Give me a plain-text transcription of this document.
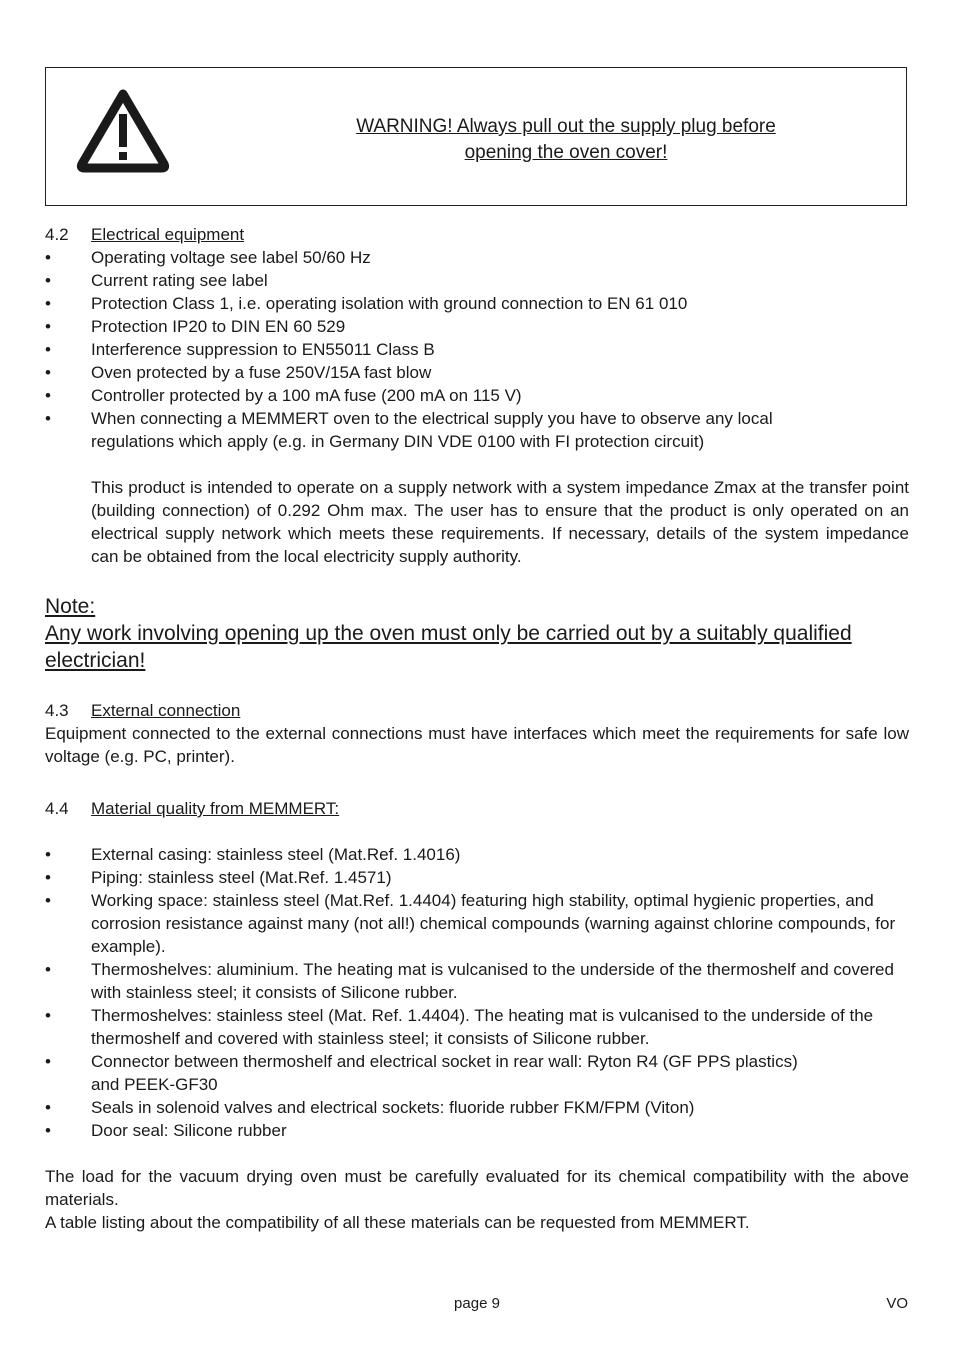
WARNING! Always pull out the supply plug before
opening the oven cover!
4.2 Electrical equipment
• Operating voltage see label 50/60 Hz
• Current rating see label
• Protection Class 1, i.e. operating isolation with ground connection to EN 61 010
• Protection IP20 to DIN EN 60 529
• Interference suppression to EN55011 Class B
• Oven protected by a fuse 250V/15A fast blow
• Controller protected by a 100 mA fuse (200 mA on 115 V)
• When connecting a MEMMERT oven to the electrical supply you have to observe any local regulations which apply (e.g. in Germany DIN VDE 0100 with FI protection circuit)
This product is intended to operate on a supply network with a system impedance Zmax at the transfer point (building connection) of 0.292 Ohm max. The user has to ensure that the product is only operated on an electrical supply network which meets these requirements. If necessary, details of the system impedance can be obtained from the local electricity supply authority.
Note:
Any work involving opening up the oven must only be carried out by a suitably qualified electrician!
4.3 External connection
Equipment connected to the external connections must have interfaces which meet the requirements for safe low voltage (e.g. PC, printer).
4.4 Material quality from MEMMERT:
• External casing: stainless steel (Mat.Ref. 1.4016)
• Piping: stainless steel (Mat.Ref. 1.4571)
• Working space: stainless steel (Mat.Ref. 1.4404) featuring high stability, optimal hygienic properties, and corrosion resistance against many (not all!) chemical compounds (warning against chlorine compounds, for example).
• Thermoshelves: aluminium. The heating mat is vulcanised to the underside of the thermoshelf and covered with stainless steel; it consists of Silicone rubber.
• Thermoshelves: stainless steel (Mat. Ref. 1.4404). The heating mat is vulcanised to the underside of the thermoshelf and covered with stainless steel; it consists of Silicone rubber.
• Connector between thermoshelf and electrical socket in rear wall: Ryton R4 (GF PPS plastics)
and PEEK-GF30
• Seals in solenoid valves and electrical sockets: fluoride rubber FKM/FPM (Viton)
• Door seal: Silicone rubber
The load for the vacuum drying oven must be carefully evaluated for its chemical compatibility with the above materials.
A table listing about the compatibility of all these materials can be requested from MEMMERT.
page 9	VO
